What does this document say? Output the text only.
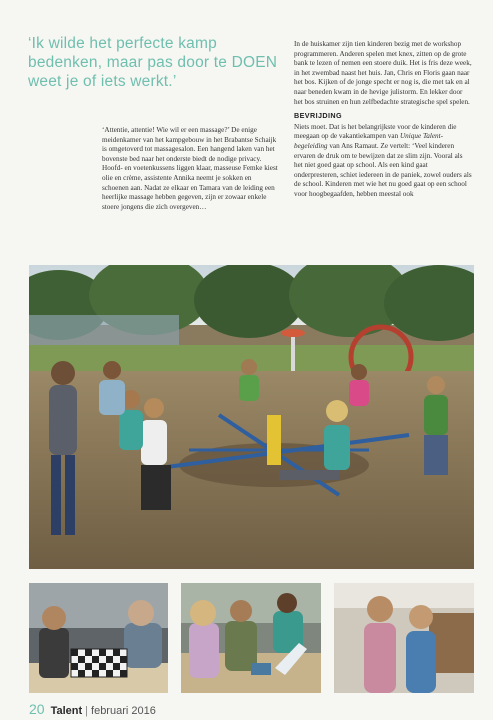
‘Ik wilde het perfecte kamp bedenken, maar pas door te DOEN weet je of iets werkt.’

‘Attentie, attentie! Wie wil er een massage?’ De enige meidenkamer van het kampgebouw in het Brabantse Schaijk is omgetoverd tot massagesalon. Een hangend laken van het bovenste bed naar het onderste biedt de nodige privacy. Hoofd- en voetenkussens liggen klaar, masseuse Femke kiest olie en crème, assistente Annika neemt je sokken en schoenen aan. Nadat ze elkaar en Tamara van de leiding een heerlijke massage hebben gegeven, zijn er zowaar enkele stoere jongens die zich overgeven…

In de huiskamer zijn tien kinderen bezig met de workshop programmeren. Anderen spelen met knex, zitten op de grote bank te lezen of nemen een stoere duik. Het is fris deze week, in het zwembad naast het huis. Jan, Chris en Floris gaan naar het bos. Kijken of de jonge specht er nog is, die met tak en al naar beneden kwam in de hevige julistorm. En lekker door het bos struinen en hun zelfbedachte strategische spel spelen.

BEVRIJDING

Niets moet. Dat is het belangrijkste voor de kinderen die meegaan op de vakantiekampen van Unique Talent-begeleiding van Ans Ramaut. Ze vertelt: ‘Veel kinderen ervaren de druk om te bewijzen dat ze slim zijn. Vooral als het niet goed gaat op school. Als een kind gaat onderpresteren, schiet iedereen in de paniek, zowel ouders als de school. Kinderen met wie het nu goed gaat op een school voor hoogbegaafden, hebben meestal ook

20 Talent | februari 2016
